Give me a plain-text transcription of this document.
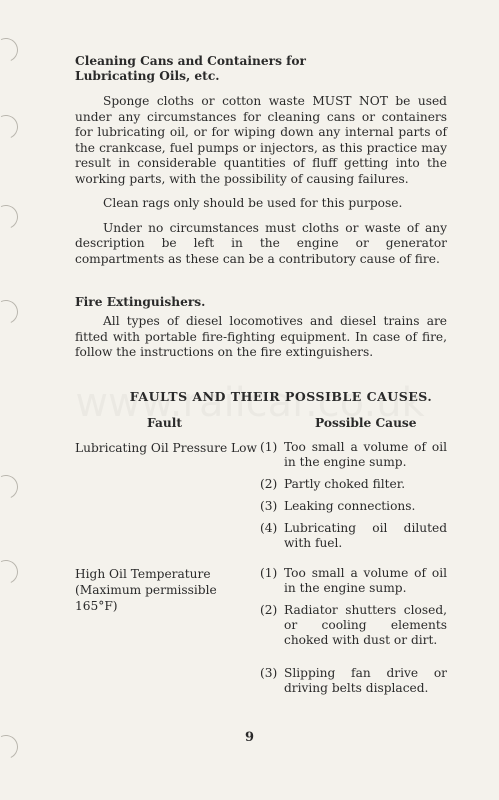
Cleaning Cans and Containers for
Lubricating Oils, etc.

Sponge cloths or cotton waste MUST NOT be used under any circumstances for cleaning cans or containers for lubricating oil, or for wiping down any internal parts of the crankcase, fuel pumps or injectors, as this practice may result in considerable quantities of fluff getting into the working parts, with the possibility of causing failures.

Clean rags only should be used for this purpose.

Under no circumstances must cloths or waste of any description be left in the engine or generator compartments as these can be a contributory cause of fire.

Fire Extinguishers.

All types of diesel locomotives and diesel trains are fitted with portable fire-fighting equipment. In case of fire, follow the instructions on the fire extinguishers.

FAULTS AND THEIR POSSIBLE CAUSES.
Fault	Possible Cause
Lubricating Oil Pressure Low (1) Too small a volume of oil in the engine sump.
(2) Partly choked filter.
(3) Leaking connections.
(4) Lubricating oil diluted with fuel.
High Oil Temperature
(Maximum permissible 165°F)
(1) Too small a volume of oil in the engine sump.
(2) Radiator shutters closed, or cooling elements choked with dust or dirt.
(3) Slipping fan drive or driving belts displaced.
9
